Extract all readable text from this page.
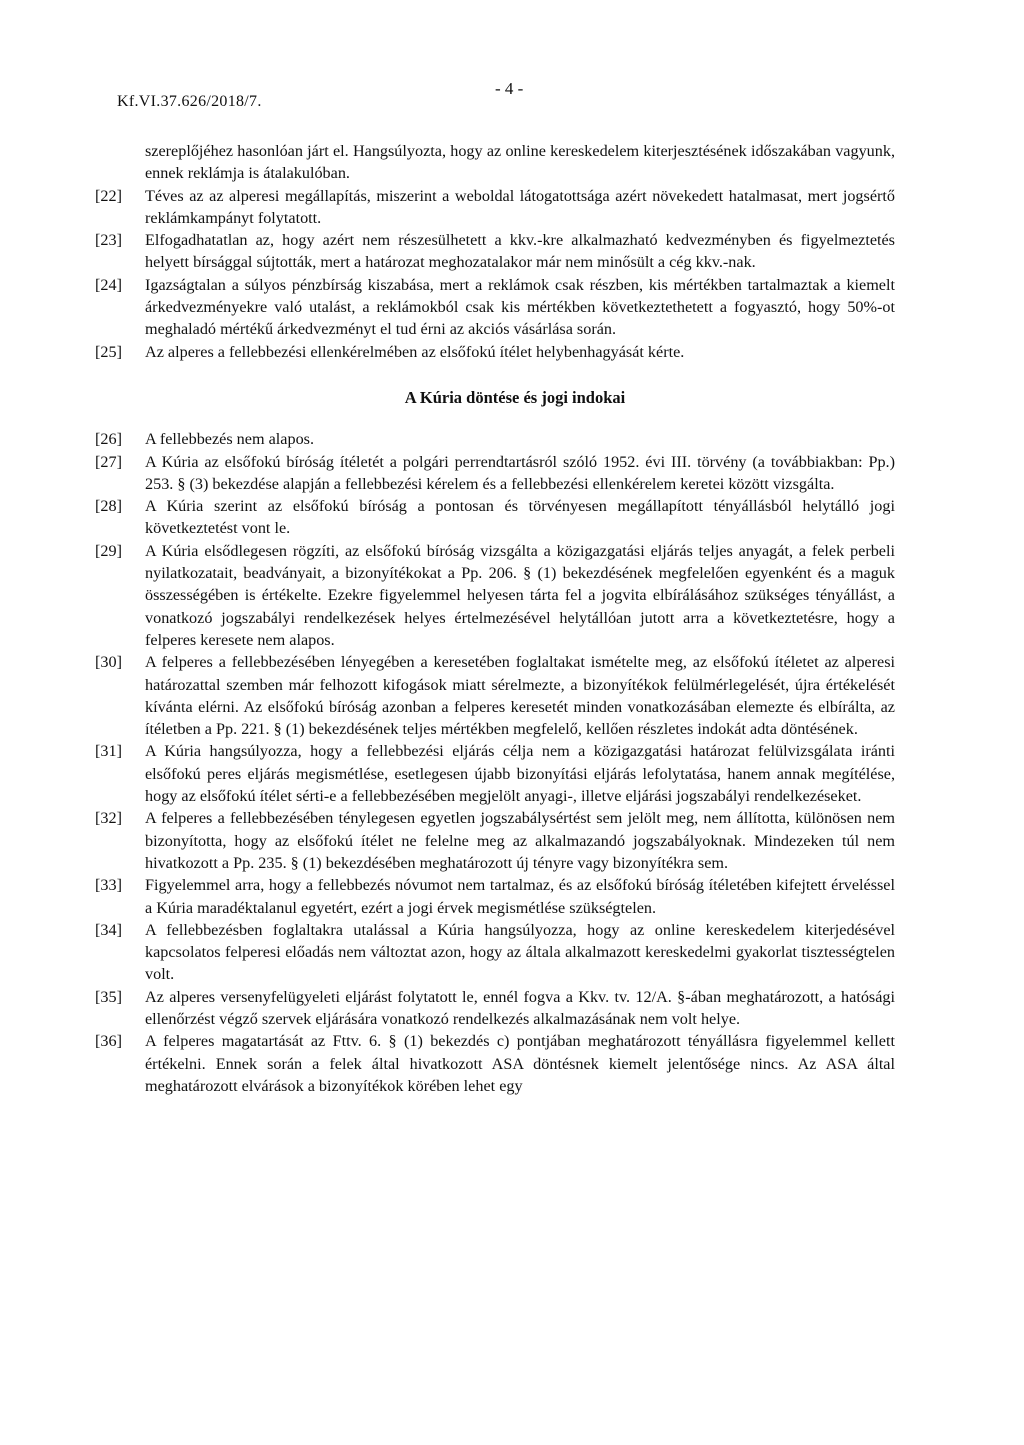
Kf.VI.37.626/2018/7.
- 4 -
szereplőjéhez hasonlóan járt el. Hangsúlyozta, hogy az online kereskedelem kiterjesztésének időszakában vagyunk, ennek reklámja is átalakulóban.
[22] Téves az az alperesi megállapítás, miszerint a weboldal látogatottsága azért növekedett hatalmasat, mert jogsértő reklámkampányt folytatott.
[23] Elfogadhatatlan az, hogy azért nem részesülhetett a kkv.-kre alkalmazható kedvezményben és figyelmeztetés helyett bírsággal sújtották, mert a határozat meghozatalakor már nem minősült a cég kkv.-nak.
[24] Igazságtalan a súlyos pénzbírság kiszabása, mert a reklámok csak részben, kis mértékben tartalmaztak a kiemelt árkedvezményekre való utalást, a reklámokból csak kis mértékben következtethetett a fogyasztó, hogy 50%-ot meghaladó mértékű árkedvezményt el tud érni az akciós vásárlása során.
[25] Az alperes a fellebbezési ellenkérelmében az elsőfokú ítélet helybenhagyását kérte.
A Kúria döntése és jogi indokai
[26] A fellebbezés nem alapos.
[27] A Kúria az elsőfokú bíróság ítéletét a polgári perrendtartásról szóló 1952. évi III. törvény (a továbbiakban: Pp.) 253. § (3) bekezdése alapján a fellebbezési kérelem és a fellebbezési ellenkérelem keretei között vizsgálta.
[28] A Kúria szerint az elsőfokú bíróság a pontosan és törvényesen megállapított tényállásból helytálló jogi következtetést vont le.
[29] A Kúria elsődlegesen rögzíti, az elsőfokú bíróság vizsgálta a közigazgatási eljárás teljes anyagát, a felek perbeli nyilatkozatait, beadványait, a bizonyítékokat a Pp. 206. § (1) bekezdésének megfelelően egyenként és a maguk összességében is értékelte. Ezekre figyelemmel helyesen tárta fel a jogvita elbírálásához szükséges tényállást, a vonatkozó jogszabályi rendelkezések helyes értelmezésével helytállóan jutott arra a következtetésre, hogy a felperes keresete nem alapos.
[30] A felperes a fellebbezésében lényegében a keresetében foglaltakat ismételte meg, az elsőfokú ítéletet az alperesi határozattal szemben már felhozott kifogások miatt sérelmezte, a bizonyítékok felülmérlegelését, újra értékelését kívánta elérni. Az elsőfokú bíróság azonban a felperes keresetét minden vonatkozásában elemezte és elbírálta, az ítéletben a Pp. 221. § (1) bekezdésének teljes mértékben megfelelő, kellően részletes indokát adta döntésének.
[31] A Kúria hangsúlyozza, hogy a fellebbezési eljárás célja nem a közigazgatási határozat felülvizsgálata iránti elsőfokú peres eljárás megismétlése, esetlegesen újabb bizonyítási eljárás lefolytatása, hanem annak megítélése, hogy az elsőfokú ítélet sérti-e a fellebbezésében megjelölt anyagi-, illetve eljárási jogszabályi rendelkezéseket.
[32] A felperes a fellebbezésében ténylegesen egyetlen jogszabálysértést sem jelölt meg, nem állította, különösen nem bizonyította, hogy az elsőfokú ítélet ne felelne meg az alkalmazandó jogszabályoknak. Mindezeken túl nem hivatkozott a Pp. 235. § (1) bekezdésében meghatározott új tényre vagy bizonyítékra sem.
[33] Figyelemmel arra, hogy a fellebbezés nóvumot nem tartalmaz, és az elsőfokú bíróság ítéletében kifejtett érveléssel a Kúria maradéktalanul egyetért, ezért a jogi érvek megismétlése szükségtelen.
[34] A fellebbezésben foglaltakra utalással a Kúria hangsúlyozza, hogy az online kereskedelem kiterjedésével kapcsolatos felperesi előadás nem változtat azon, hogy az általa alkalmazott kereskedelmi gyakorlat tisztességtelen volt.
[35] Az alperes versenyfelügyeleti eljárást folytatott le, ennél fogva a Kkv. tv. 12/A. §-ában meghatározott, a hatósági ellenőrzést végző szervek eljárására vonatkozó rendelkezés alkalmazásának nem volt helye.
[36] A felperes magatartását az Fttv. 6. § (1) bekezdés c) pontjában meghatározott tényállásra figyelemmel kellett értékelni. Ennek során a felek által hivatkozott ASA döntésnek kiemelt jelentősége nincs. Az ASA által meghatározott elvárások a bizonyítékok körében lehet egy
